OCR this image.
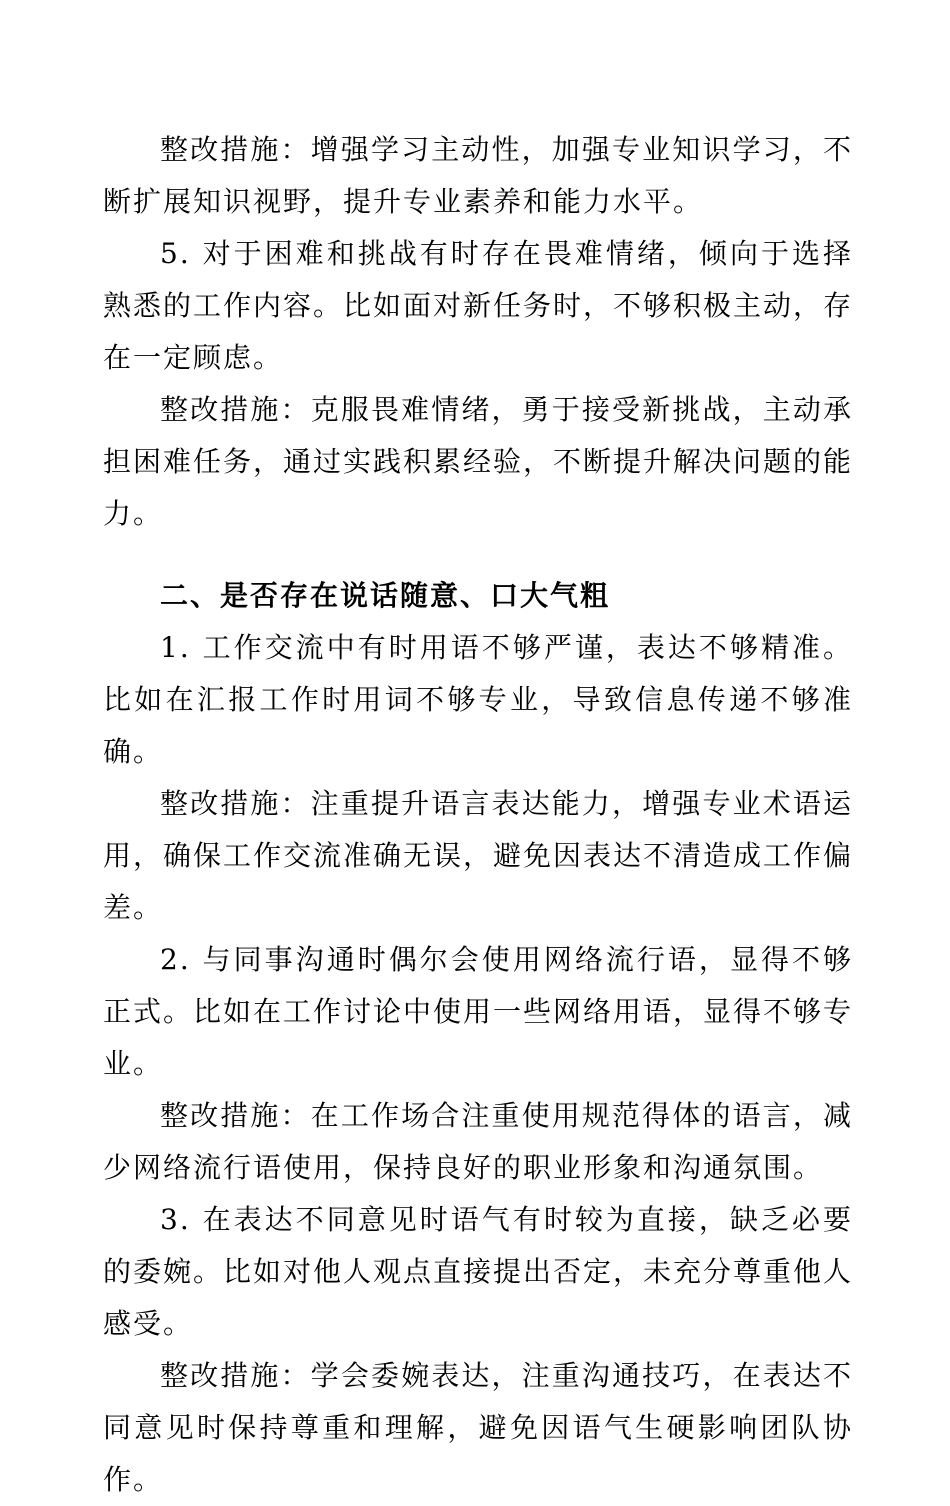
整改措施：增强学习主动性，加强专业知识学习，不断扩展知识视野，提升专业素养和能力水平。

5. 对于困难和挑战有时存在畏难情绪，倾向于选择熟悉的工作内容。比如面对新任务时，不够积极主动，存在一定顾虑。

整改措施：克服畏难情绪，勇于接受新挑战，主动承担困难任务，通过实践积累经验，不断提升解决问题的能力。

二、是否存在说话随意、口大气粗

1. 工作交流中有时用语不够严谨，表达不够精准。比如在汇报工作时用词不够专业，导致信息传递不够准确。

整改措施：注重提升语言表达能力，增强专业术语运用，确保工作交流准确无误，避免因表达不清造成工作偏差。

2. 与同事沟通时偶尔会使用网络流行语，显得不够正式。比如在工作讨论中使用一些网络用语，显得不够专业。

整改措施：在工作场合注重使用规范得体的语言，减少网络流行语使用，保持良好的职业形象和沟通氛围。

3. 在表达不同意见时语气有时较为直接，缺乏必要的委婉。比如对他人观点直接提出否定，未充分尊重他人感受。

整改措施：学会委婉表达，注重沟通技巧，在表达不同意见时保持尊重和理解，避免因语气生硬影响团队协作。
